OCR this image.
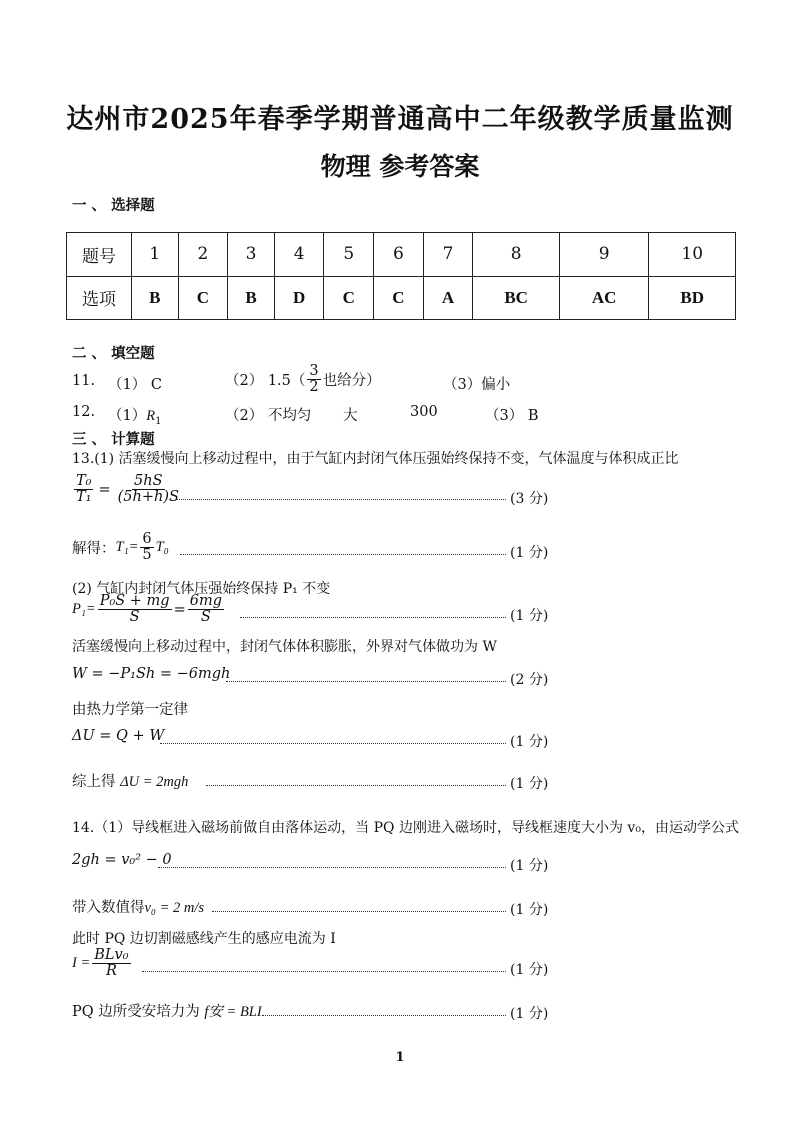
达州市2025年春季学期普通高中二年级教学质量监测
物理 参考答案
一 、 选择题
题号	1	2	3	4	5	6	7	8	9	10
选项	B	C	B	D	C	C	A	BC	AC	BD
二 、 填空题
11. （1） C	（2） $1.5( \frac{3}{2}$ 也给分）	（3）偏小
12. $(1)R_1$	（2） 不均匀 大	300	（3） B
三 、 计算题
13.(1) 活塞缓慢向上移动过程中，由于气缸内封闭气体压强始终保持不变，气体温度与体积成正比
$\frac{\text{T₀}}{\text{T₁}} = \frac{5hS}{(5h+h)S}$	(3 分)
解得： $T_1= \frac{6}{5} T_0$	(1 分)
(2) 气缸内封闭气体压强始终保持 P₁ 不变
$P_1= \frac{\text{P₀S + mg}}{S} = \frac{6mg}{S}$	(1 分)
活塞缓慢向上移动过程中，封闭气体体积膨胀，外界对气体做功为 W
W = −P₁Sh = −6mgh	(2 分)
由热力学第一定律
ΔU = Q + W	(1 分)
综上得 ΔU = 2mgh	(1 分)
14.（1）导线框进入磁场前做自由落体运动，当 PQ 边刚进入磁场时，导线框速度大小为 v₀，由运动学公式
2gh = v₀² − 0	(1 分)
带入数值得v₀ = 2 m/s	(1 分)
此时 PQ 边切割磁感线产生的感应电流为 I
$I = \frac{\text{BLv₀}}{R}$	(1 分)
PQ 边所受安培力为 f安 = BLI	(1 分)
1
